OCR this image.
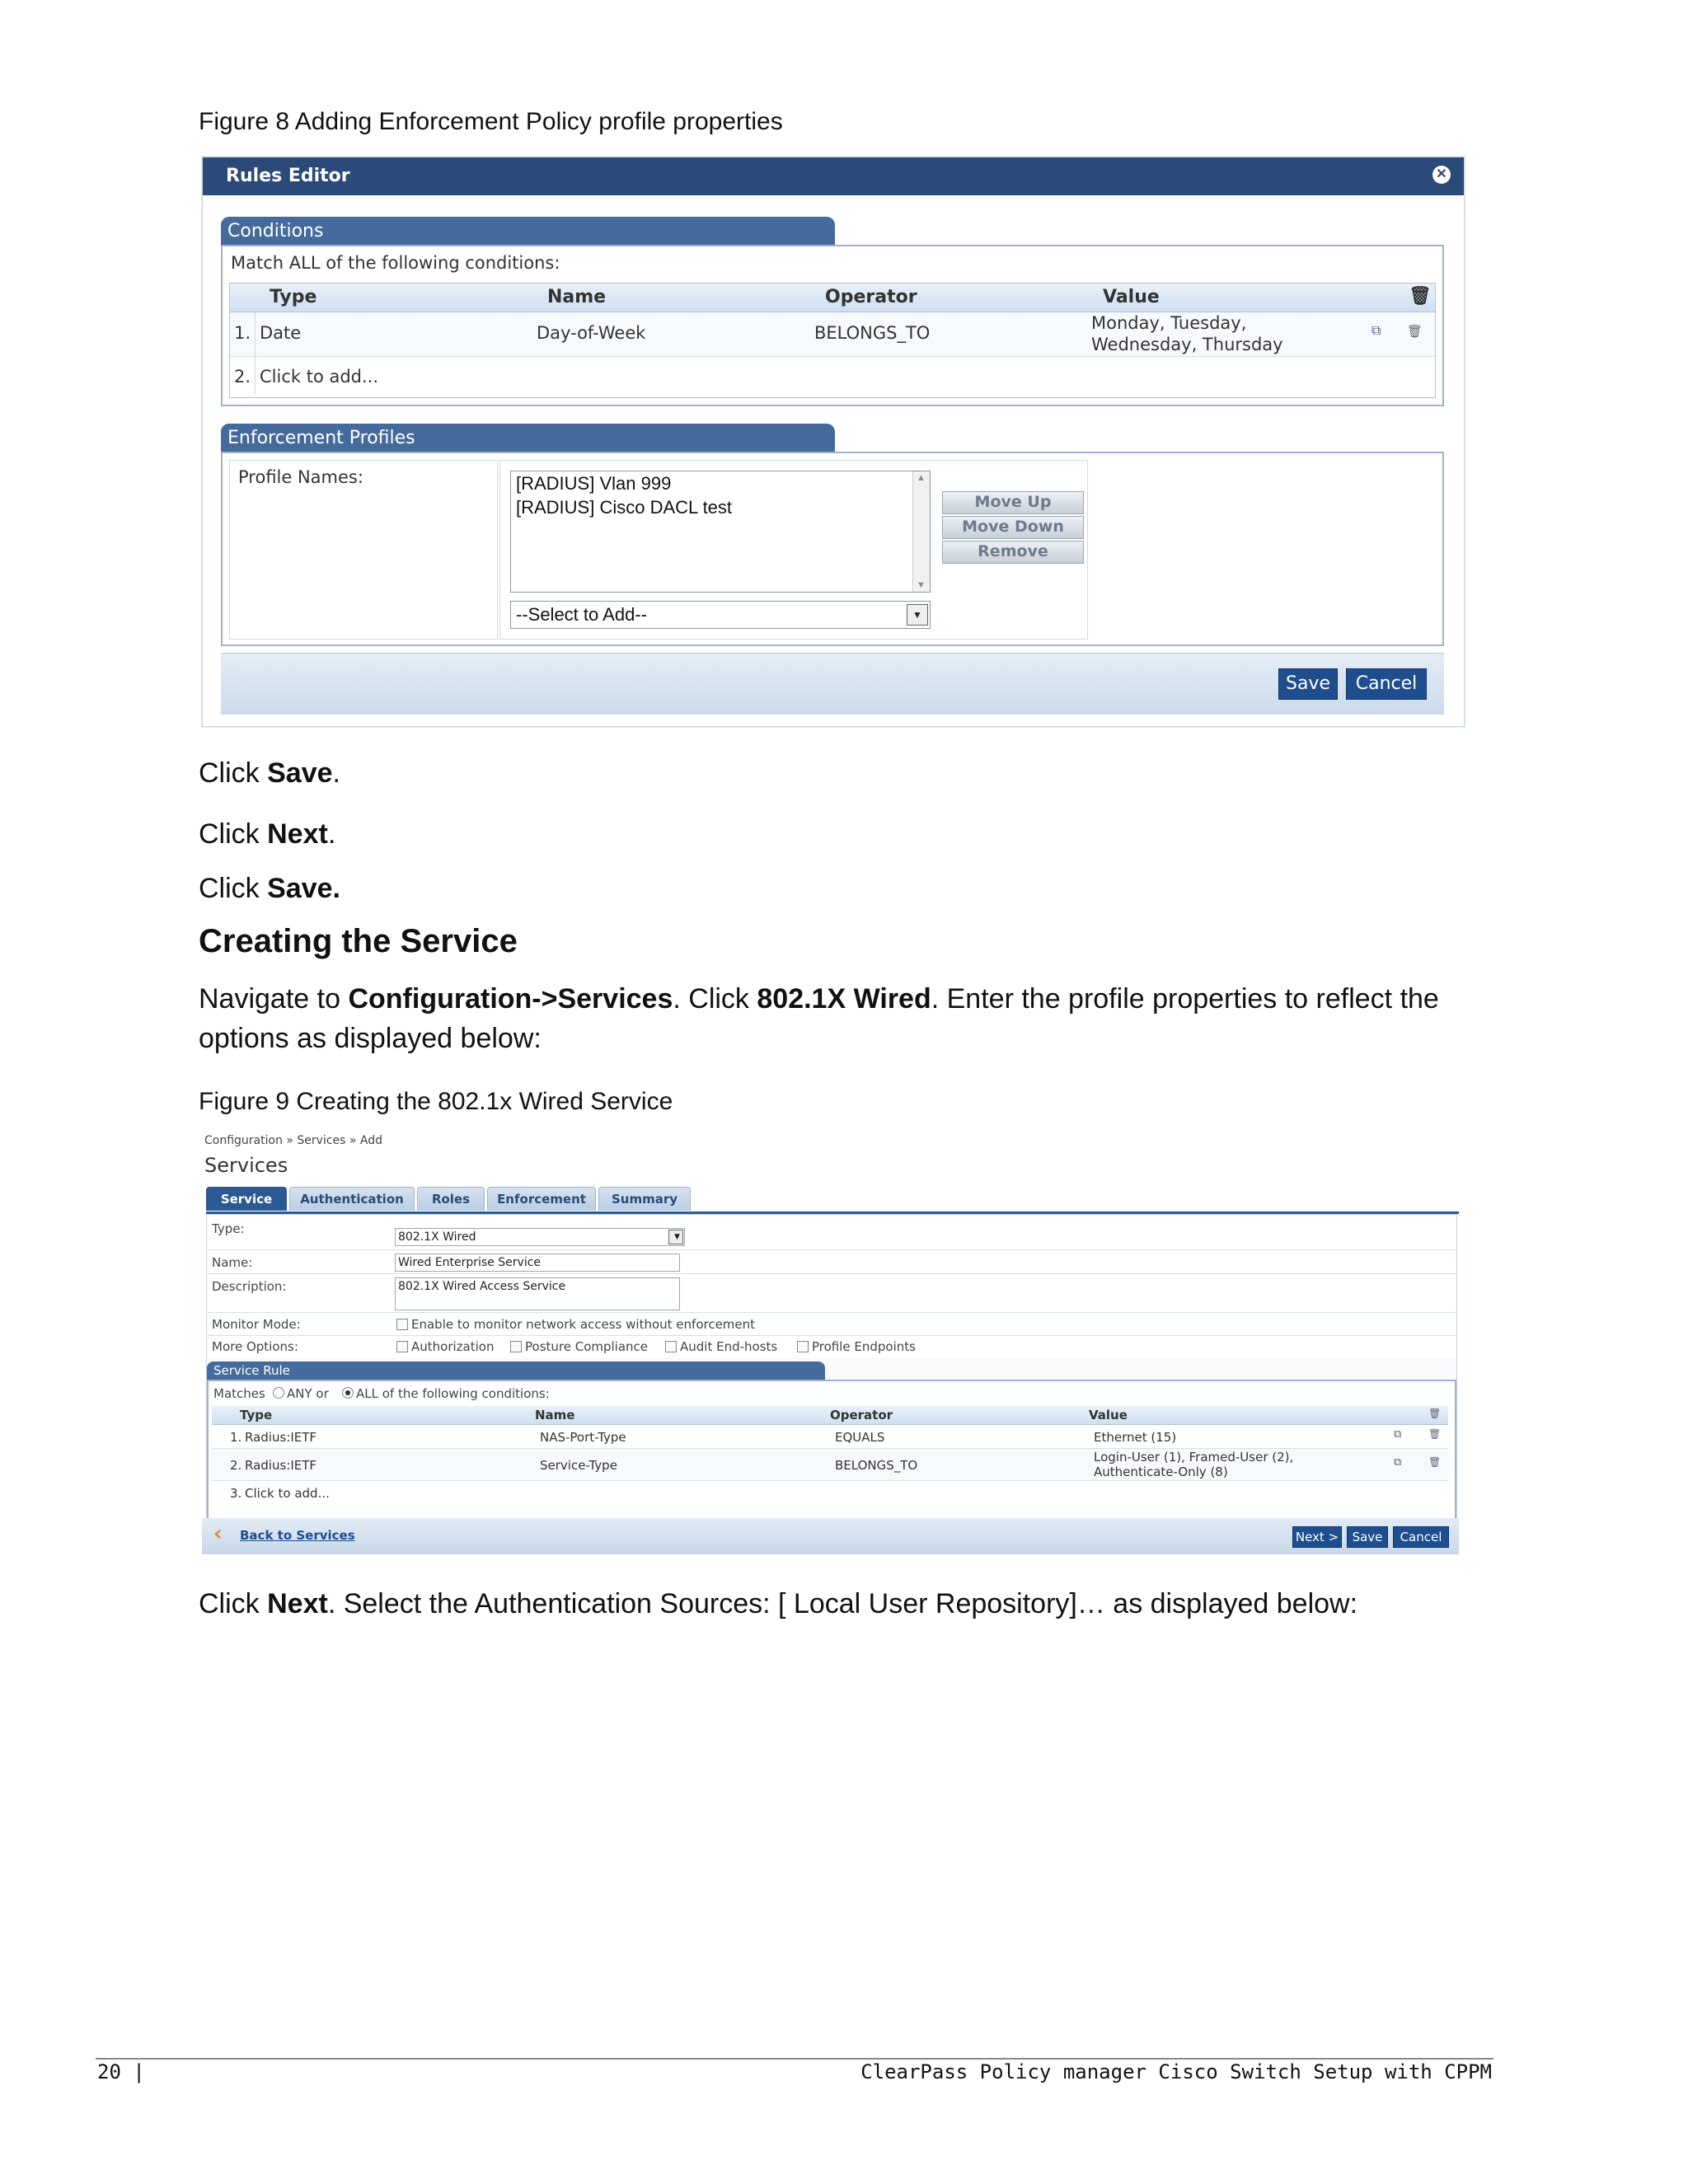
Figure 8 Adding Enforcement Policy profile properties
Rules Editor	✕
Conditions
Match ALL of the following conditions:
Type	Name	Operator	Value	🗑
1. Date	Day-of-Week	BELONGS_TO	Monday, Tuesday,
Wednesday, Thursday
⧉ 🗑
2. Click to add...
Enforcement Profiles
Profile Names:	[RADIUS] Vlan 999
[RADIUS] Cisco DACL test
▲
▼
--Select to Add--	▼
Move Up
Move Down
Remove
Save	Cancel
Click Save.
Click Next.
Click Save.
Creating the Service
Navigate to Configuration->Services. Click 802.1X Wired. Enter the profile properties to reflect the
options as displayed below:
Figure 9 Creating the 802.1x Wired Service
Configuration » Services » Add
Services
Service	Authentication	Roles	Enforcement	Summary
Type:
802.1X Wired	▼
Name:	Wired Enterprise Service
Description:	802.1X Wired Access Service
Monitor Mode:	Enable to monitor network access without enforcement
More Options:	Authorization	Posture Compliance	Audit End-hosts	Profile Endpoints
Service Rule
Matches ANY or ALL of the following conditions:
Type	Name	Operator	Value	🗑
1. Radius:IETF	NAS-Port-Type	EQUALS	Ethernet (15)	⧉	🗑
2. Radius:IETF	Service-Type	BELONGS_TO
Login-User (1), Framed-User (2),
Authenticate-Only (8)
⧉	🗑
3. Click to add...
‹ Back to Services	Next >	Save	Cancel
Click Next. Select the Authentication Sources: [ Local User Repository]… as displayed below:
20 |	ClearPass Policy manager Cisco Switch Setup with CPPM
